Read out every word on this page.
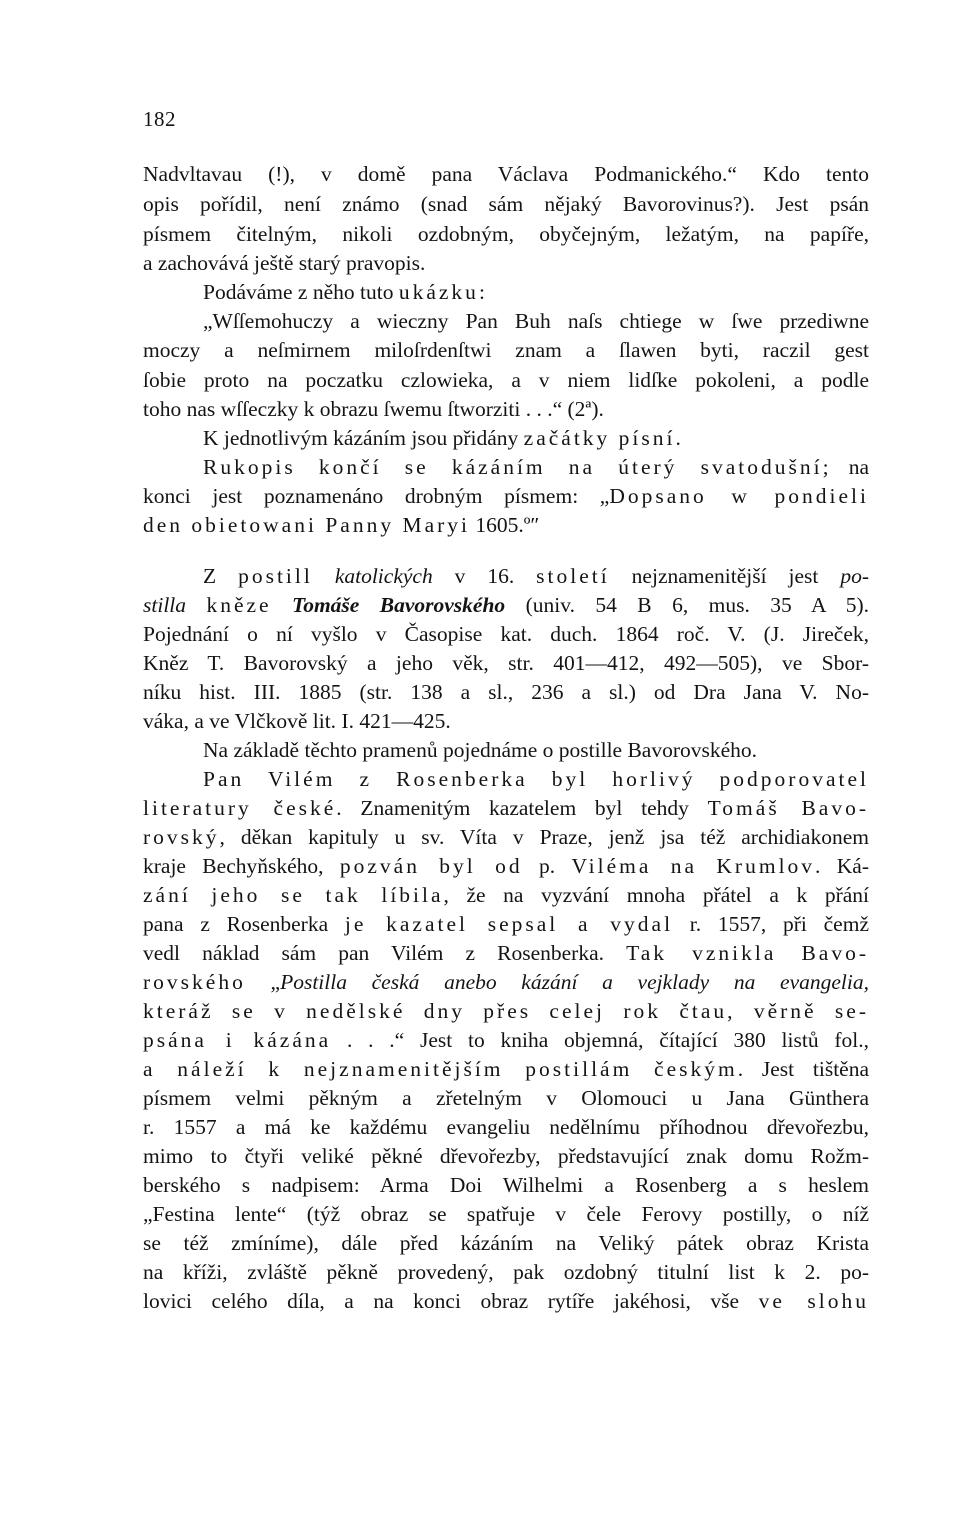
182
Nadvltavau (!), v domě pana Václava Podmanického.“ Kdo tento
opis pořídil, není známo (snad sám nějaký Bavorovinus?). Jest psán
písmem čitelným, nikoli ozdobným, obyčejným, ležatým, na papíře,
a zachovává ještě starý pravopis.
Podáváme z něho tuto ukázku:
„Wſſemohuczy a wieczny Pan Buh naſs chtiege w ſwe przediwne
moczy a neſmirnem miloſrdenſtwi znam a ſlawen byti, raczil gest
ſobie proto na poczatku czlowieka, a v niem lidſke pokoleni, a podle
toho nas wſſeczky k obrazu ſwemu ſtworziti . . .“ (2ª).
K jednotlivým kázáním jsou přidány začátky písní.
Rukopis končí se kázáním na úterý svatodušní; na
konci jest poznamenáno drobným písmem: „Dopsano w pondieli
den obietowani Panny Maryi 1605.ºʺ
Z postill katolických v 16. století nejznamenitější jest po-
stilla kněze Tomáše Bavorovského (univ. 54 B 6, mus. 35 A 5).
Pojednání o ní vyšlo v Časopise kat. duch. 1864 roč. V. (J. Jireček,
Kněz T. Bavorovský a jeho věk, str. 401—412, 492—505), ve Sbor-
níku hist. III. 1885 (str. 138 a sl., 236 a sl.) od Dra Jana V. No-
váka, a ve Vlčkově lit. I. 421—425.
Na základě těchto pramenů pojednáme o postille Bavorovského.
Pan Vilém z Rosenberka byl horlivý podporovatel
literatury české. Znamenitým kazatelem byl tehdy Tomáš Bavo-
rovský, děkan kapituly u sv. Víta v Praze, jenž jsa též archidiakonem
kraje Bechyňského, pozván byl od p. Viléma na Krumlov. Ká-
zání jeho se tak líbila, že na vyzvání mnoha přátel a k přání
pana z Rosenberka je kazatel sepsal a vydal r. 1557, při čemž
vedl náklad sám pan Vilém z Rosenberka. Tak vznikla Bavo-
rovského „Postilla česká anebo kázání a vejklady na evangelia,
kteráž se v nedělské dny přes celej rok čtau, věrně se-
psána i kázána . . .“ Jest to kniha objemná, čítající 380 listů fol.,
a náleží k nejznamenitějším postillám českým. Jest tištěna
písmem velmi pěkným a zřetelným v Olomouci u Jana Günthera
r. 1557 a má ke každému evangeliu nedělnímu příhodnou dřevořezbu,
mimo to čtyři veliké pěkné dřevořezby, představující znak domu Rožm-
berského s nadpisem: Arma Doi Wilhelmi a Rosenberg a s heslem
„Festina lente“ (týž obraz se spatřuje v čele Ferovy postilly, o níž
se též zmíníme), dále před kázáním na Veliký pátek obraz Krista
na kříži, zvláště pěkně provedený, pak ozdobný titulní list k 2. po-
lovici celého díla, a na konci obraz rytíře jakéhosi, vše ve slohu
